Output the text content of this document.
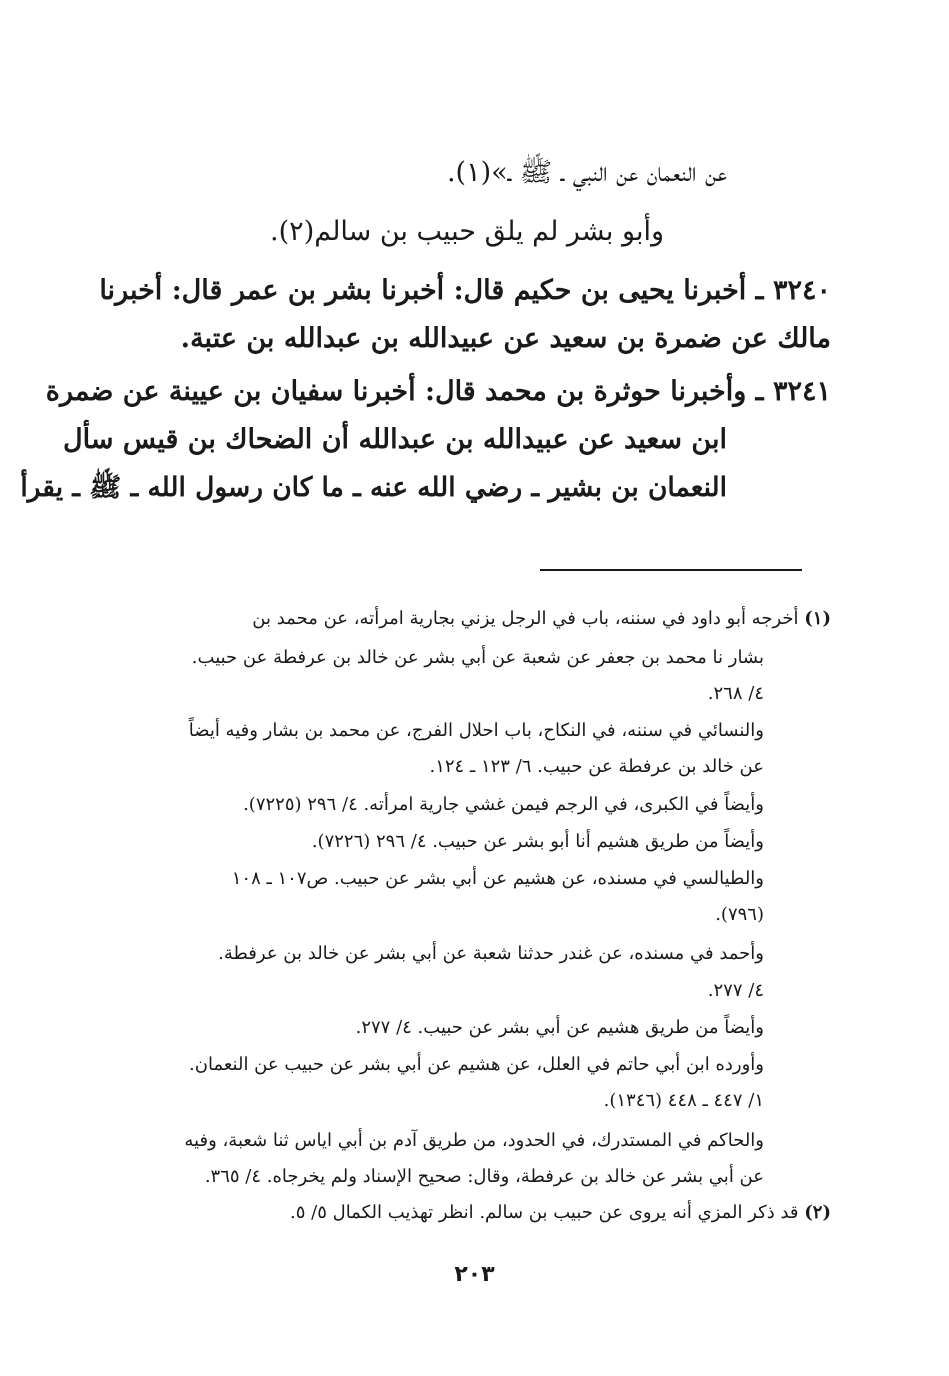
عن النعمان عن النبي ـ ﷺ ـ»(١).
وأبو بشر لم يلق حبيب بن سالم(٢).
٣٢٤٠ ـ أخبرنا يحيى بن حكيم قال: أخبرنا بشر بن عمر قال: أخبرنا
مالك عن ضمرة بن سعيد عن عبيدالله بن عبدالله بن عتبة.
٣٢٤١ ـ وأخبرنا حوثرة بن محمد قال: أخبرنا سفيان بن عيينة عن ضمرة
ابن سعيد عن عبيدالله بن عبدالله أن الضحاك بن قيس سأل
النعمان بن بشير ـ رضي الله عنه ـ ما كان رسول الله ـ ﷺ ـ يقرأ
(١) أخرجه أبو داود في سننه، باب في الرجل يزني بجارية امرأته، عن محمد بن
بشار نا محمد بن جعفر عن شعبة عن أبي بشر عن خالد بن عرفطة عن حبيب.
٤/ ٢٦٨.
والنسائي في سننه، في النكاح، باب احلال الفرج، عن محمد بن بشار وفيه أيضاً
عن خالد بن عرفطة عن حبيب. ٦/ ١٢٣ ـ ١٢٤.
وأيضاً في الكبرى، في الرجم فيمن غشي جارية امرأته. ٤/ ٢٩٦ (٧٢٢٥).
وأيضاً من طريق هشيم أنا أبو بشر عن حبيب. ٤/ ٢٩٦ (٧٢٢٦).
والطيالسي في مسنده، عن هشيم عن أبي بشر عن حبيب. ص١٠٧ ـ ١٠٨
(٧٩٦).
وأحمد في مسنده، عن غندر حدثنا شعبة عن أبي بشر عن خالد بن عرفطة.
٤/ ٢٧٧.
وأيضاً من طريق هشيم عن أبي بشر عن حبيب. ٤/ ٢٧٧.
وأورده ابن أبي حاتم في العلل، عن هشيم عن أبي بشر عن حبيب عن النعمان.
١/ ٤٤٧ ـ ٤٤٨ (١٣٤٦).
والحاكم في المستدرك، في الحدود، من طريق آدم بن أبي اياس ثنا شعبة، وفيه
عن أبي بشر عن خالد بن عرفطة، وقال: صحيح الإسناد ولم يخرجاه. ٤/ ٣٦٥.
(٢) قد ذكر المزي أنه يروى عن حبيب بن سالم. انظر تهذيب الكمال ٥/ ٥.
٢٠٣
